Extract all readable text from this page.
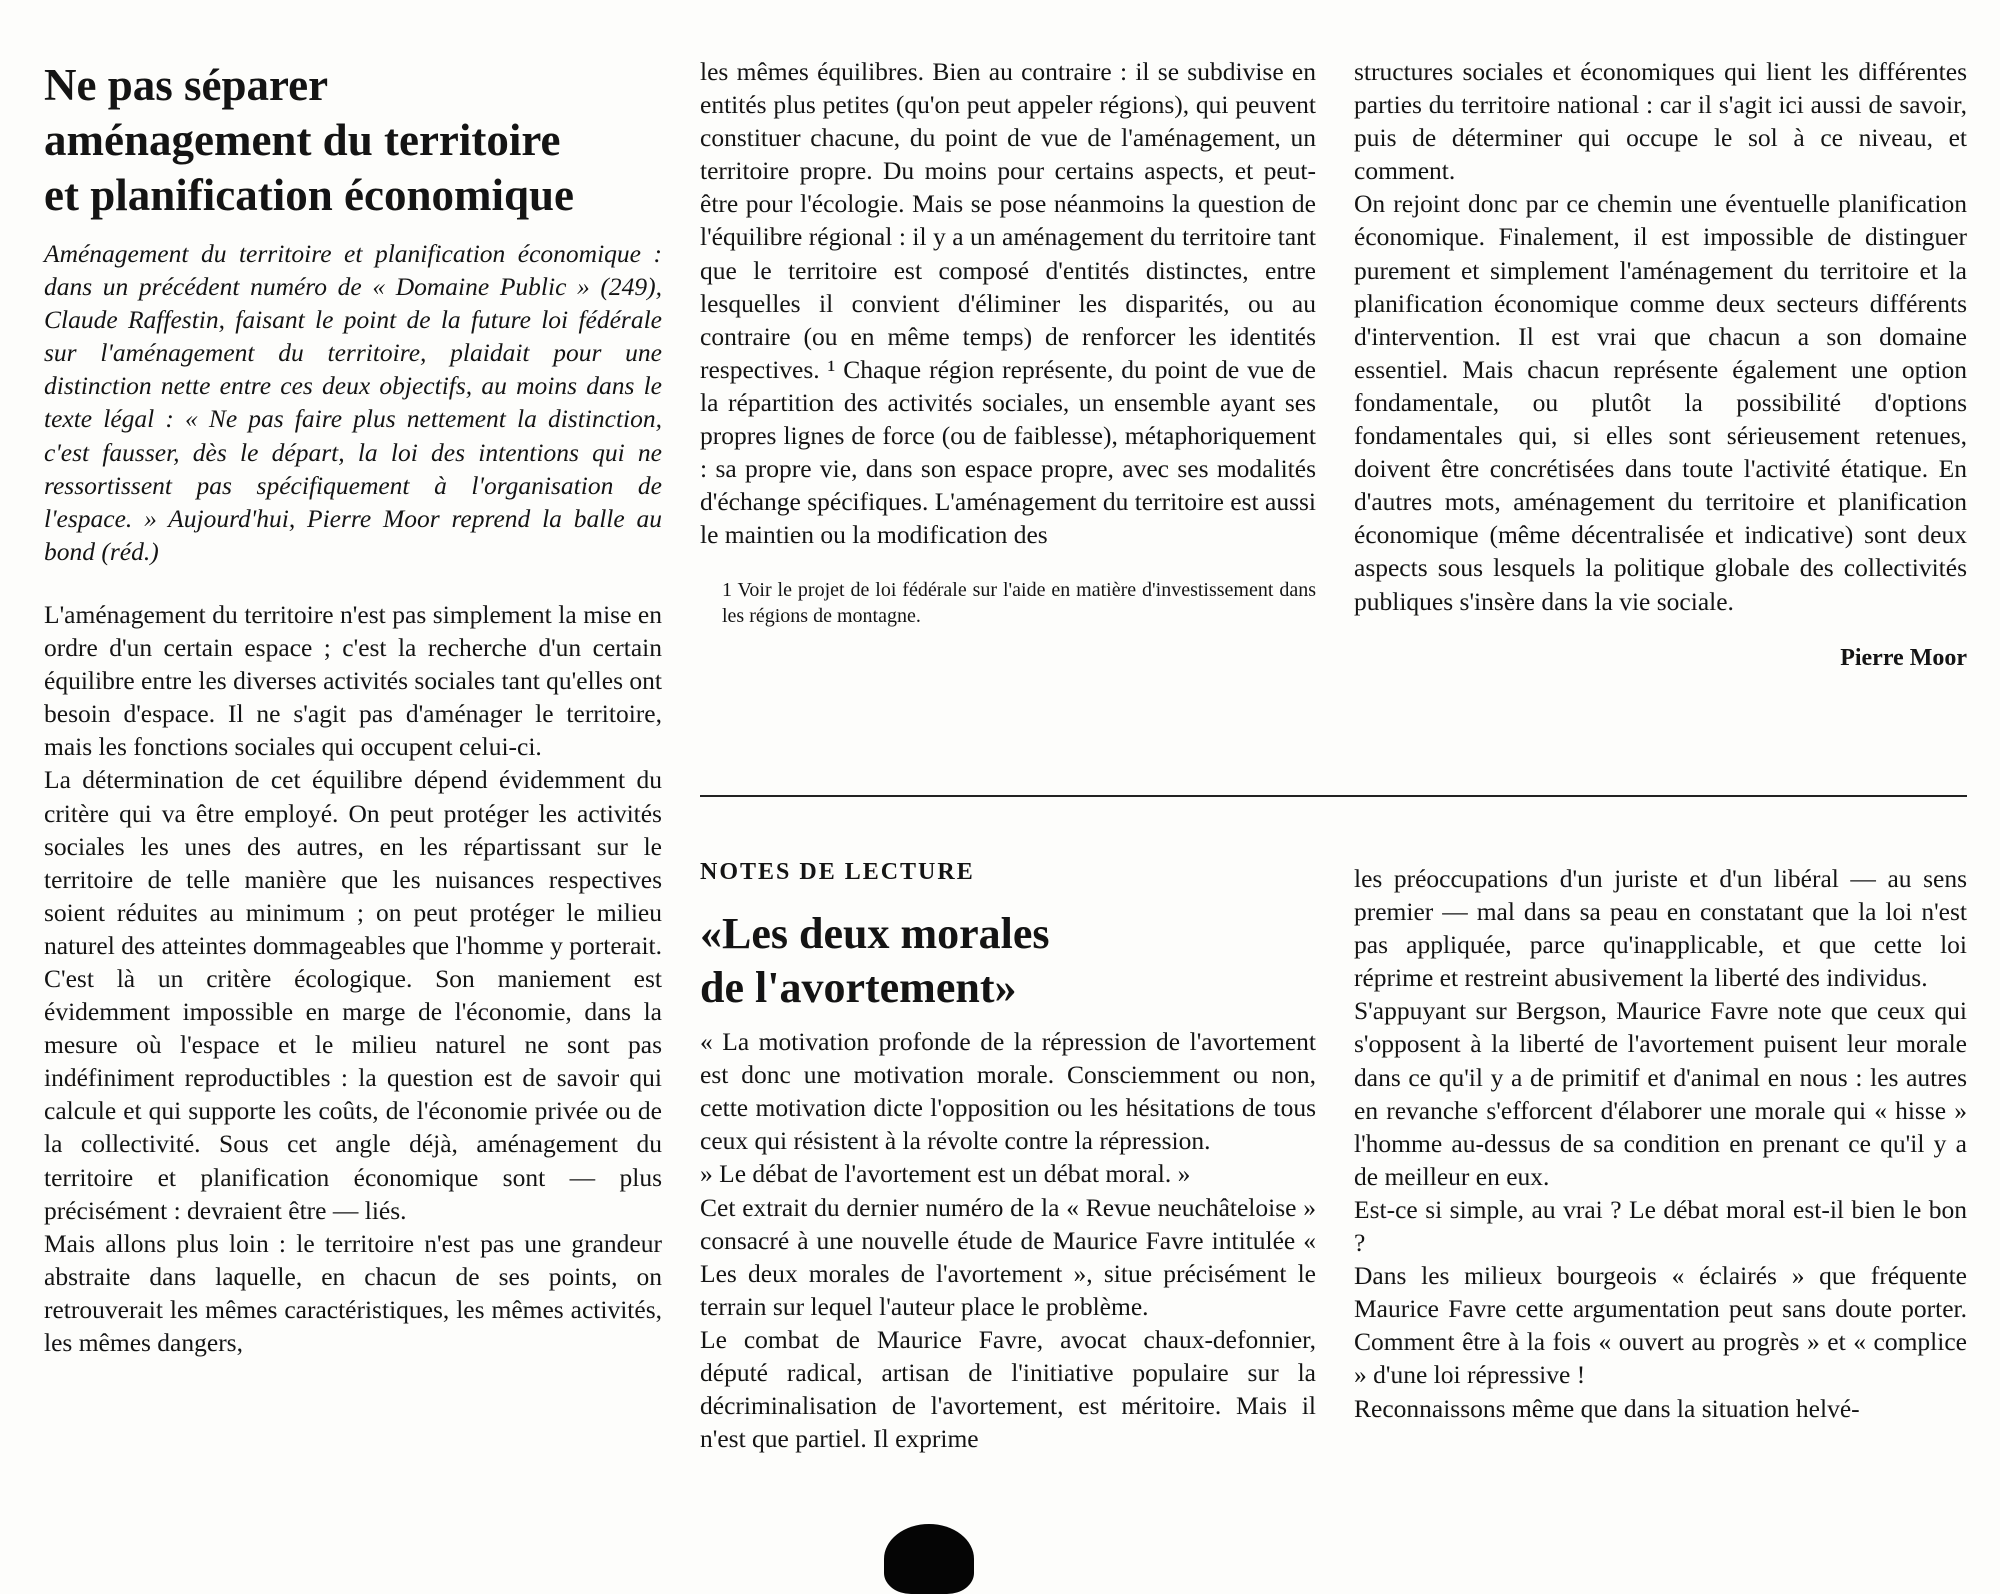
Ne pas séparer
aménagement du territoire
et planification économique

Aménagement du territoire et planification économique : dans un précédent numéro de « Domaine Public » (249), Claude Raffestin, faisant le point de la future loi fédérale sur l'aménagement du territoire, plaidait pour une distinction nette entre ces deux objectifs, au moins dans le texte légal : « Ne pas faire plus nettement la distinction, c'est fausser, dès le départ, la loi des intentions qui ne ressortissent pas spécifiquement à l'organisation de l'espace. » Aujourd'hui, Pierre Moor reprend la balle au bond (réd.)

L'aménagement du territoire n'est pas simplement la mise en ordre d'un certain espace ; c'est la recherche d'un certain équilibre entre les diverses activités sociales tant qu'elles ont besoin d'espace. Il ne s'agit pas d'aménager le territoire, mais les fonctions sociales qui occupent celui-ci.

La détermination de cet équilibre dépend évidemment du critère qui va être employé. On peut protéger les activités sociales les unes des autres, en les répartissant sur le territoire de telle manière que les nuisances respectives soient réduites au minimum ; on peut protéger le milieu naturel des atteintes dommageables que l'homme y porterait. C'est là un critère écologique. Son maniement est évidemment impossible en marge de l'économie, dans la mesure où l'espace et le milieu naturel ne sont pas indéfiniment reproductibles : la question est de savoir qui calcule et qui supporte les coûts, de l'économie privée ou de la collectivité. Sous cet angle déjà, aménagement du territoire et planification économique sont — plus précisément : devraient être — liés.

Mais allons plus loin : le territoire n'est pas une grandeur abstraite dans laquelle, en chacun de ses points, on retrouverait les mêmes caractéristiques, les mêmes activités, les mêmes dangers,

les mêmes équilibres. Bien au contraire : il se subdivise en entités plus petites (qu'on peut appeler régions), qui peuvent constituer chacune, du point de vue de l'aménagement, un territoire propre. Du moins pour certains aspects, et peut-être pour l'écologie. Mais se pose néanmoins la question de l'équilibre régional : il y a un aménagement du territoire tant que le territoire est composé d'entités distinctes, entre lesquelles il convient d'éliminer les disparités, ou au contraire (ou en même temps) de renforcer les identités respectives. ¹ Chaque région représente, du point de vue de la répartition des activités sociales, un ensemble ayant ses propres lignes de force (ou de faiblesse), métaphoriquement : sa propre vie, dans son espace propre, avec ses modalités d'échange spécifiques. L'aménagement du territoire est aussi le maintien ou la modification des

1 Voir le projet de loi fédérale sur l'aide en matière d'investissement dans les régions de montagne.

structures sociales et économiques qui lient les différentes parties du territoire national : car il s'agit ici aussi de savoir, puis de déterminer qui occupe le sol à ce niveau, et comment.

On rejoint donc par ce chemin une éventuelle planification économique. Finalement, il est impossible de distinguer purement et simplement l'aménagement du territoire et la planification économique comme deux secteurs différents d'intervention. Il est vrai que chacun a son domaine essentiel. Mais chacun représente également une option fondamentale, ou plutôt la possibilité d'options fondamentales qui, si elles sont sérieusement retenues, doivent être concrétisées dans toute l'activité étatique. En d'autres mots, aménagement du territoire et planification économique (même décentralisée et indicative) sont deux aspects sous lesquels la politique globale des collectivités publiques s'insère dans la vie sociale.

Pierre Moor

NOTES DE LECTURE

«Les deux morales
de l'avortement»

« La motivation profonde de la répression de l'avortement est donc une motivation morale. Consciemment ou non, cette motivation dicte l'opposition ou les hésitations de tous ceux qui résistent à la révolte contre la répression.

» Le débat de l'avortement est un débat moral. »

Cet extrait du dernier numéro de la « Revue neuchâteloise » consacré à une nouvelle étude de Maurice Favre intitulée « Les deux morales de l'avortement », situe précisément le terrain sur lequel l'auteur place le problème.

Le combat de Maurice Favre, avocat chaux-defonnier, député radical, artisan de l'initiative populaire sur la décriminalisation de l'avortement, est méritoire. Mais il n'est que partiel. Il exprime

les préoccupations d'un juriste et d'un libéral — au sens premier — mal dans sa peau en constatant que la loi n'est pas appliquée, parce qu'inapplicable, et que cette loi réprime et restreint abusivement la liberté des individus.

S'appuyant sur Bergson, Maurice Favre note que ceux qui s'opposent à la liberté de l'avortement puisent leur morale dans ce qu'il y a de primitif et d'animal en nous : les autres en revanche s'efforcent d'élaborer une morale qui « hisse » l'homme au-dessus de sa condition en prenant ce qu'il y a de meilleur en eux.

Est-ce si simple, au vrai ? Le débat moral est-il bien le bon ?

Dans les milieux bourgeois « éclairés » que fréquente Maurice Favre cette argumentation peut sans doute porter. Comment être à la fois « ouvert au progrès » et « complice » d'une loi répressive !

Reconnaissons même que dans la situation helvé-
